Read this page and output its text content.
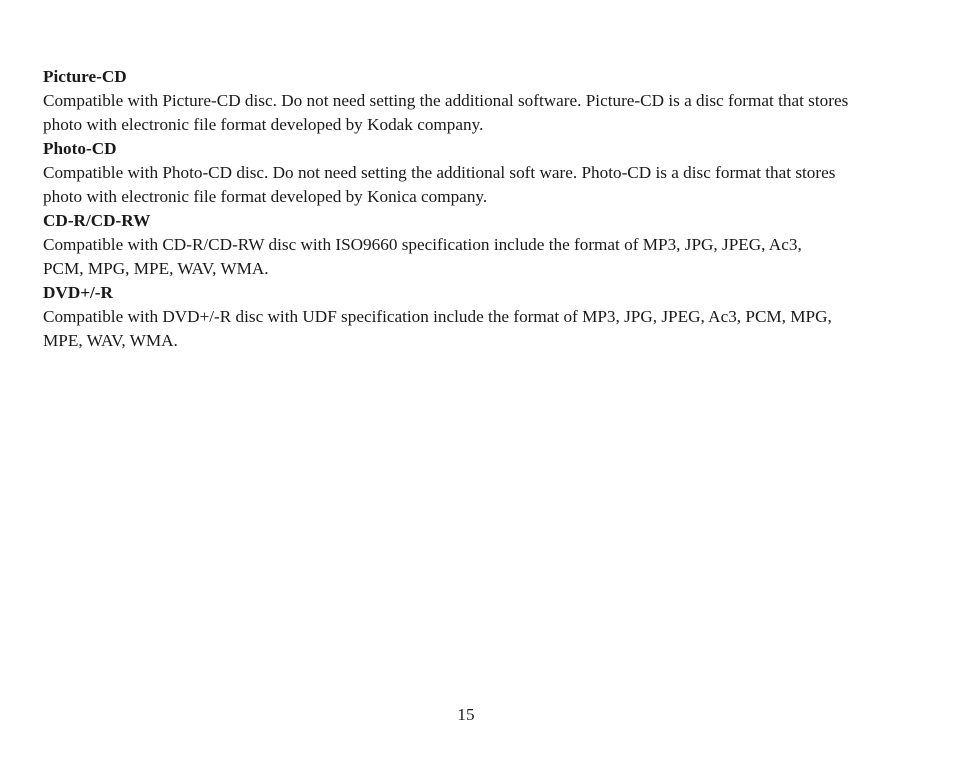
Picture-CD

Compatible with Picture-CD disc. Do not need setting the additional software. Picture-CD is a disc format that stores

photo with electronic file format developed by Kodak company.

Photo-CD

Compatible with Photo-CD disc. Do not need setting the additional soft ware. Photo-CD is a disc format that stores

photo with electronic file format developed by Konica company.

CD-R/CD-RW

Compatible with CD-R/CD-RW disc with ISO9660 specification include the format of MP3, JPG, JPEG, Ac3,

PCM, MPG, MPE, WAV, WMA.

DVD+/-R

Compatible with DVD+/-R disc with UDF specification include the format of MP3, JPG, JPEG, Ac3, PCM, MPG,

MPE, WAV, WMA.

15
